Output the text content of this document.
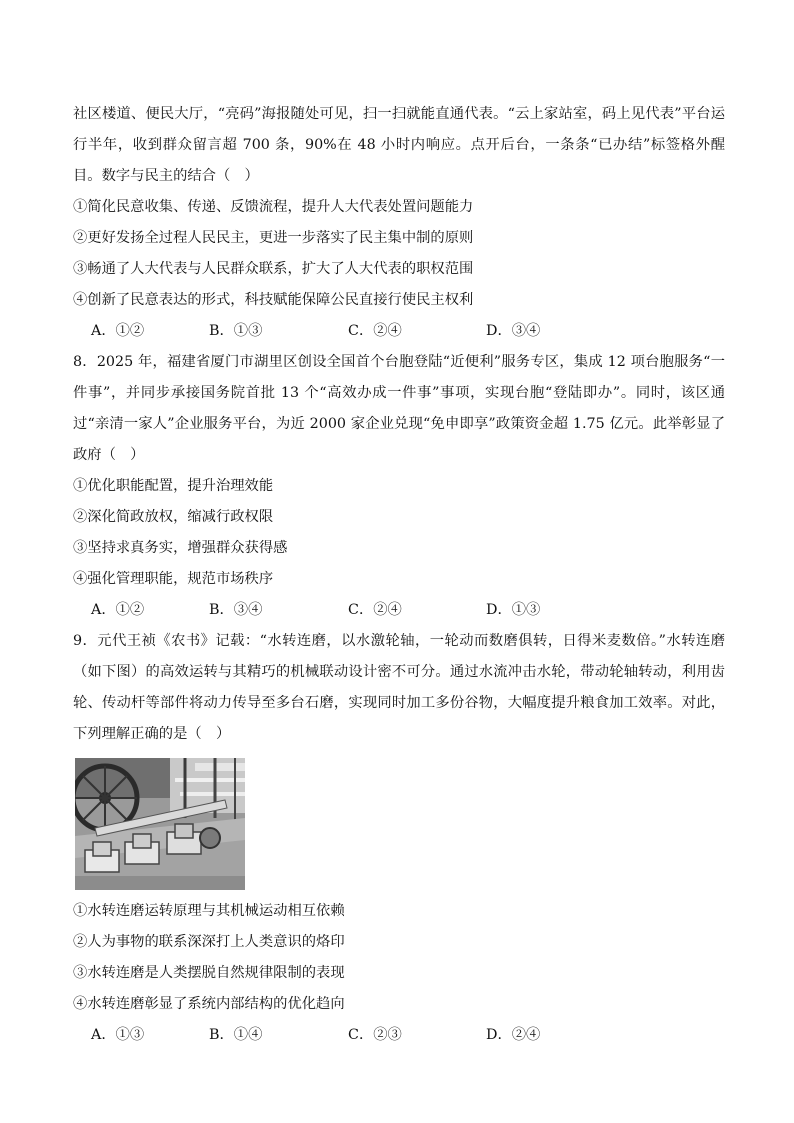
社区楼道、便民大厅，“亮码”海报随处可见，扫一扫就能直通代表。“云上家站室，码上见代表”平台运行半年，收到群众留言超 700 条，90%在 48 小时内响应。点开后台，一条条“已办结”标签格外醒目。数字与民主的结合（　）

①简化民意收集、传递、反馈流程，提升人大代表处置问题能力
②更好发扬全过程人民民主，更进一步落实了民主集中制的原则
③畅通了人大代表与人民群众联系，扩大了人大代表的职权范围
④创新了民意表达的形式，科技赋能保障公民直接行使民主权利
A．①②	B．①③	C．②④	D．③④

8．2025 年，福建省厦门市湖里区创设全国首个台胞登陆“近便利”服务专区，集成 12 项台胞服务“一件事”，并同步承接国务院首批 13 个“高效办成一件事”事项，实现台胞“登陆即办”。同时，该区通过“亲清一家人”企业服务平台，为近 2000 家企业兑现“免申即享”政策资金超 1.75 亿元。此举彰显了政府（　）

①优化职能配置，提升治理效能
②深化简政放权，缩减行政权限
③坚持求真务实，增强群众获得感
④强化管理职能，规范市场秩序
A．①②	B．③④	C．②④	D．①③

9．元代王祯《农书》记载：“水转连磨，以水激轮轴，一轮动而数磨俱转，日得米麦数倍。”水转连磨（如下图）的高效运转与其精巧的机械联动设计密不可分。通过水流冲击水轮，带动轮轴转动，利用齿轮、传动杆等部件将动力传导至多台石磨，实现同时加工多份谷物，大幅度提升粮食加工效率。对此，下列理解正确的是（　）

①水转连磨运转原理与其机械运动相互依赖
②人为事物的联系深深打上人类意识的烙印
③水转连磨是人类摆脱自然规律限制的表现
④水转连磨彰显了系统内部结构的优化趋向
A．①③	B．①④	C．②③	D．②④
